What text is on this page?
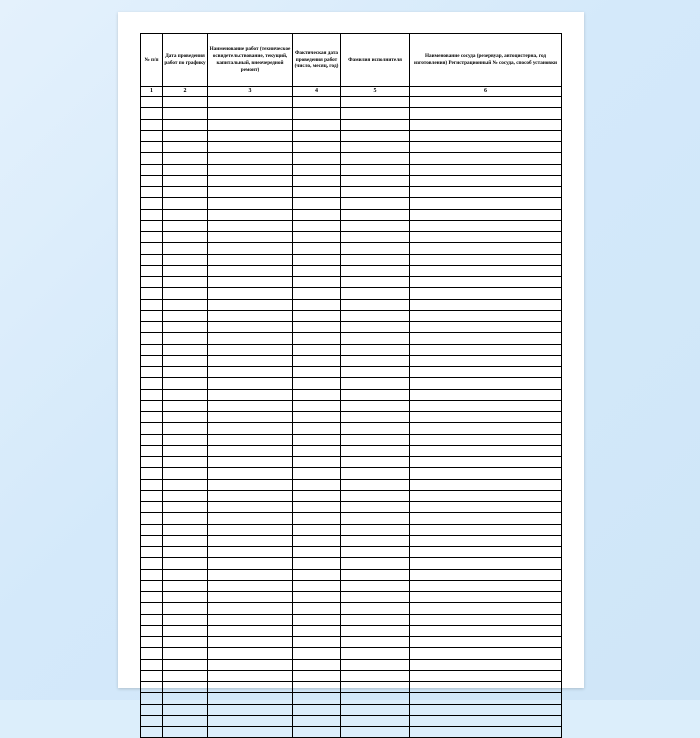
№ п/п	Дата проведения работ по графику	Наименование работ (техническое освидетельствование, текущий, капитальный, внеочередной ремонт)	Фактическая дата проведения работ (число, месяц, год)	Фамилия исполнителя	Наименование сосуда (резервуар, автоцистерна, год изготовления) Регистрационный № сосуда, способ установки
1	2	3	4	5	6
